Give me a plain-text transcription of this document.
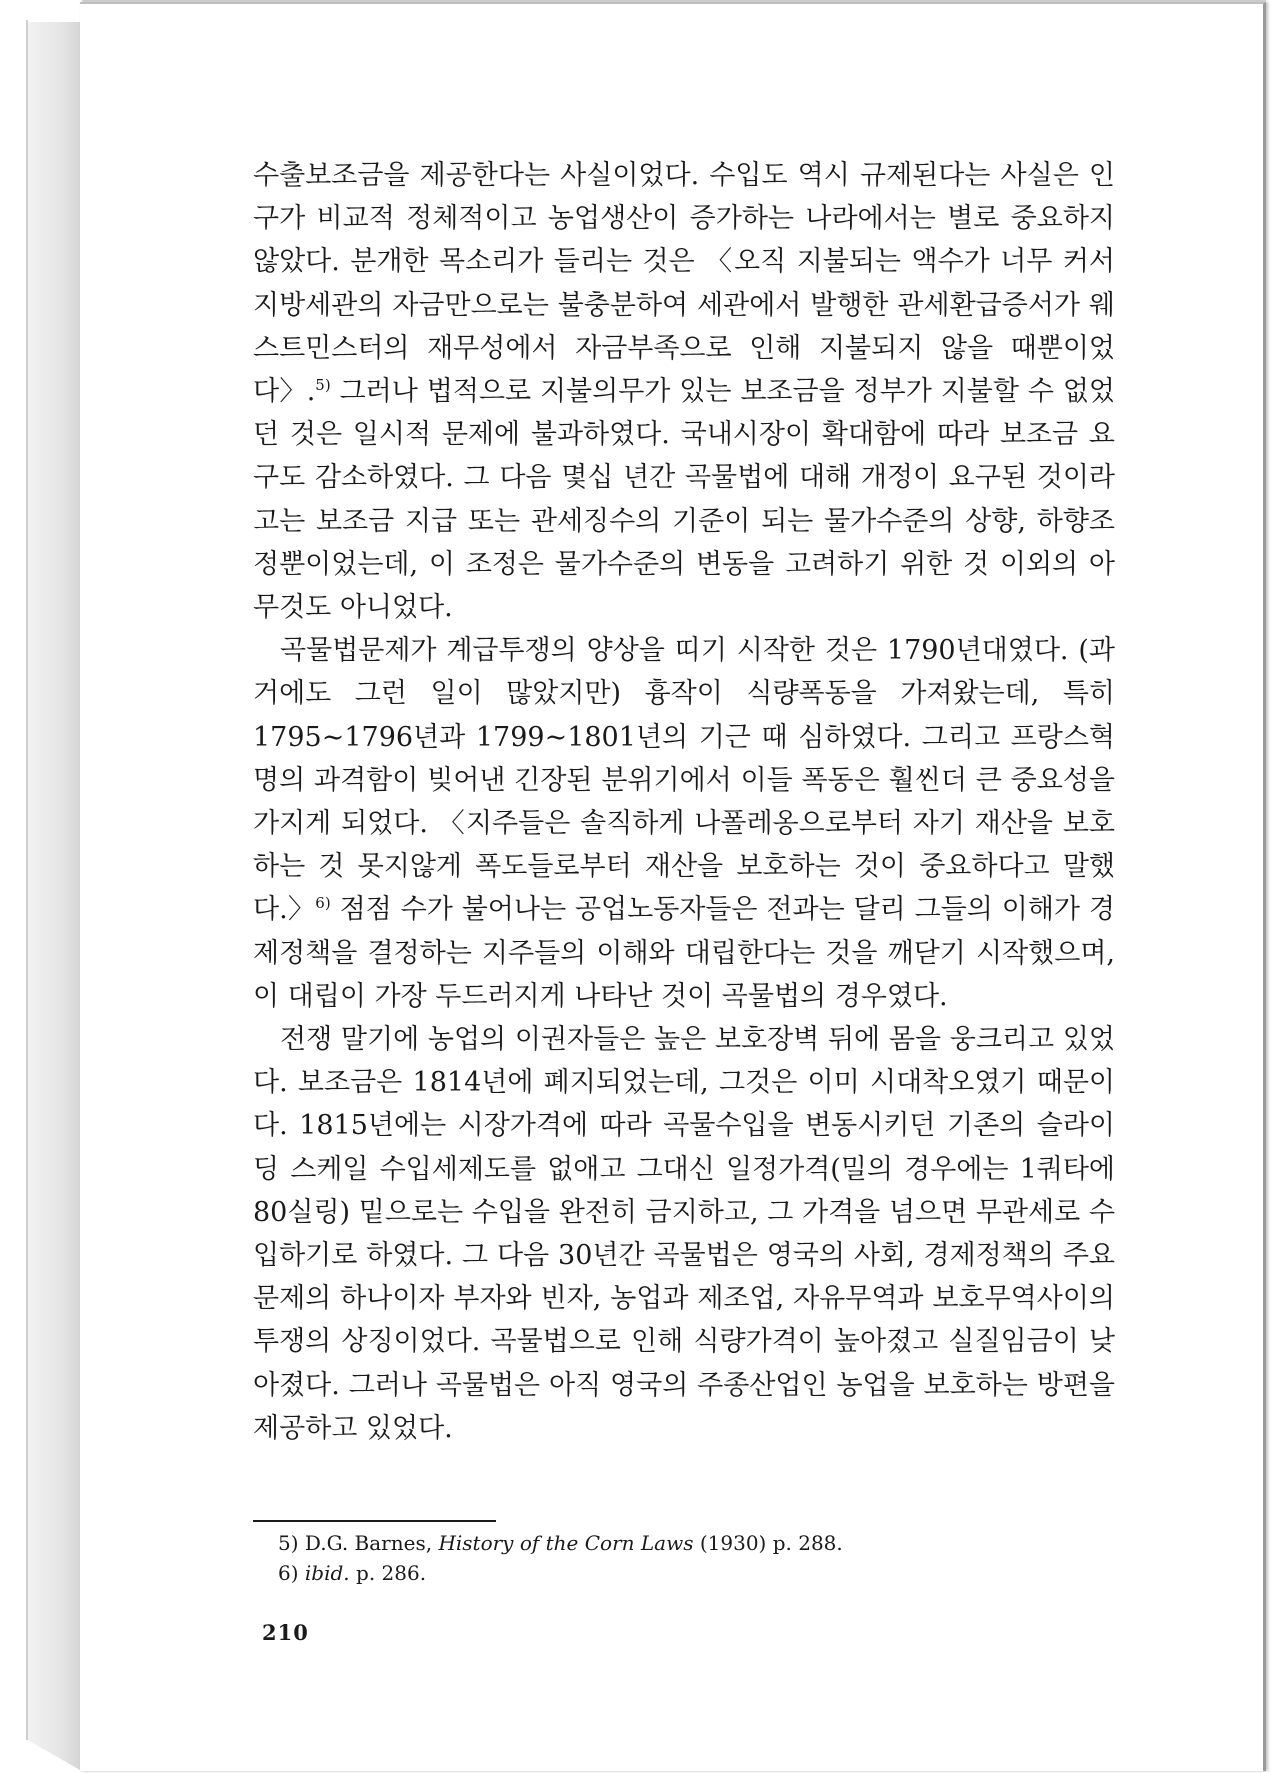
수출보조금을 제공한다는 사실이었다. 수입도 역시 규제된다는 사실은 인구가 비교적 정체적이고 농업생산이 증가하는 나라에서는 별로 중요하지 않았다. 분개한 목소리가 들리는 것은 〈오직 지불되는 액수가 너무 커서 지방세관의 자금만으로는 불충분하여 세관에서 발행한 관세환급증서가 웨스트민스터의 재무성에서 자금부족으로 인해 지불되지 않을 때뿐이었다〉.$^{5)}$ 그러나 법적으로 지불의무가 있는 보조금을 정부가 지불할 수 없었던 것은 일시적 문제에 불과하였다. 국내시장이 확대함에 따라 보조금 요구도 감소하였다. 그 다음 몇십 년간 곡물법에 대해 개정이 요구된 것이라고는 보조금 지급 또는 관세징수의 기준이 되는 물가수준의 상향, 하향조정뿐이었는데, 이 조정은 물가수준의 변동을 고려하기 위한 것 이외의 아무것도 아니었다.

곡물법문제가 계급투쟁의 양상을 띠기 시작한 것은 1790년대였다. (과거에도 그런 일이 많았지만) 흉작이 식량폭동을 가져왔는데, 특히 1795∼1796년과 1799∼1801년의 기근 때 심하였다. 그리고 프랑스혁명의 과격함이 빚어낸 긴장된 분위기에서 이들 폭동은 훨씬더 큰 중요성을 가지게 되었다. 〈지주들은 솔직하게 나폴레옹으로부터 자기 재산을 보호하는 것 못지않게 폭도들로부터 재산을 보호하는 것이 중요하다고 말했다.〉$^{6)}$ 점점 수가 불어나는 공업노동자들은 전과는 달리 그들의 이해가 경제정책을 결정하는 지주들의 이해와 대립한다는 것을 깨닫기 시작했으며, 이 대립이 가장 두드러지게 나타난 것이 곡물법의 경우였다.

전쟁 말기에 농업의 이권자들은 높은 보호장벽 뒤에 몸을 웅크리고 있었다. 보조금은 1814년에 폐지되었는데, 그것은 이미 시대착오였기 때문이다. 1815년에는 시장가격에 따라 곡물수입을 변동시키던 기존의 슬라이딩 스케일 수입세제도를 없애고 그대신 일정가격(밀의 경우에는 1쿼타에 80실링) 밑으로는 수입을 완전히 금지하고, 그 가격을 넘으면 무관세로 수입하기로 하였다. 그 다음 30년간 곡물법은 영국의 사회, 경제정책의 주요문제의 하나이자 부자와 빈자, 농업과 제조업, 자유무역과 보호무역사이의 투쟁의 상징이었다. 곡물법으로 인해 식량가격이 높아졌고 실질임금이 낮아졌다. 그러나 곡물법은 아직 영국의 주종산업인 농업을 보호하는 방편을 제공하고 있었다.

5) D.G. Barnes, History of the Corn Laws (1930) p. 288.
6) ibid. p. 286.
210
